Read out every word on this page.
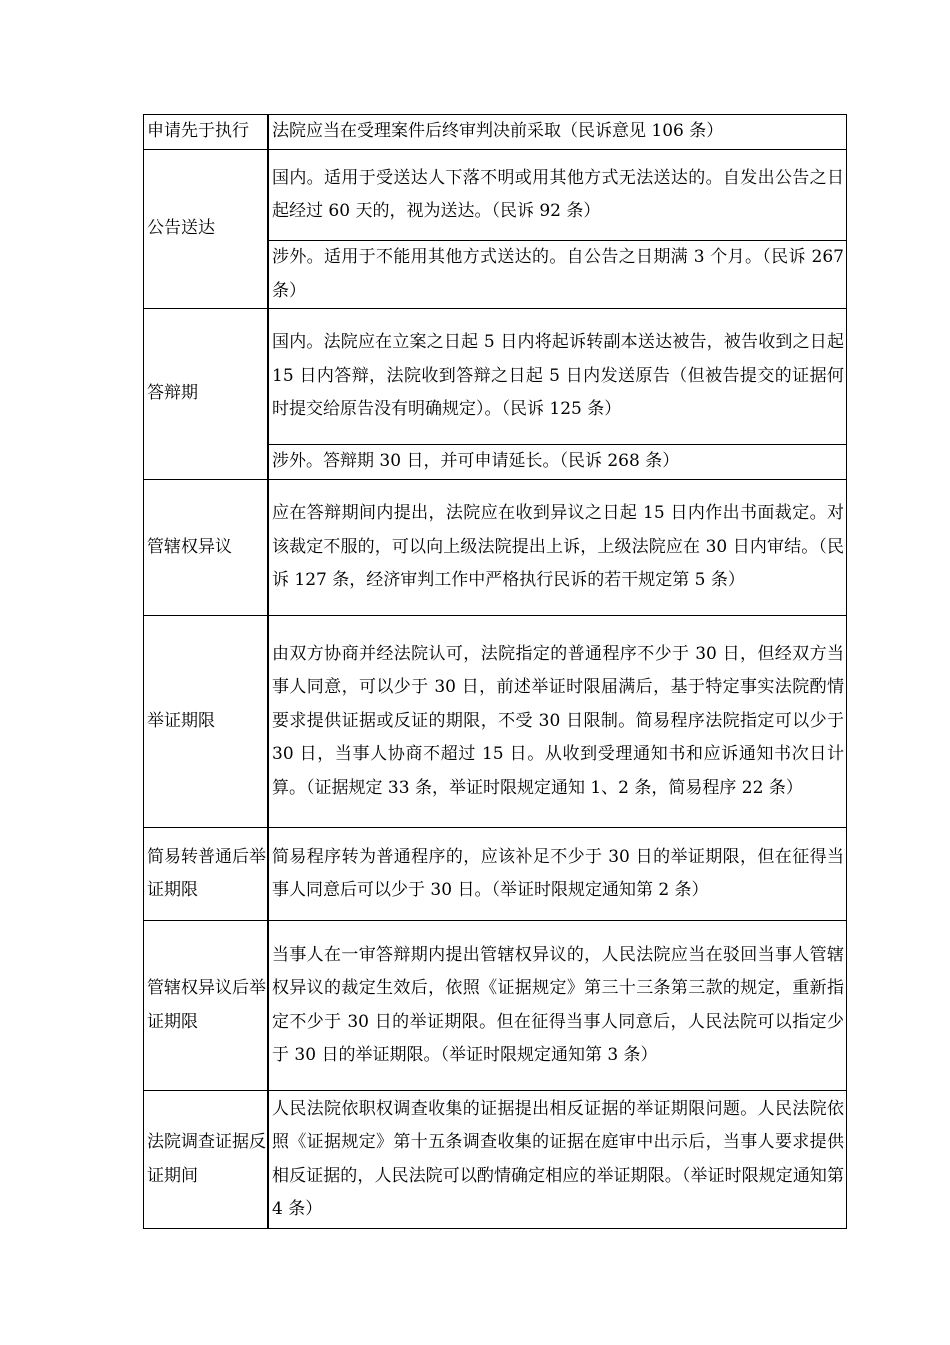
申请先于执行	法院应当在受理案件后终审判决前采取（民诉意见 106 条）
公告送达	国内。适用于受送达人下落不明或用其他方式无法送达的。自发出公告之日起经过 60 天的，视为送达。（民诉 92 条）
	涉外。适用于不能用其他方式送达的。自公告之日期满 3 个月。（民诉 267 条）
答辩期	国内。法院应在立案之日起 5 日内将起诉转副本送达被告，被告收到之日起 15 日内答辩，法院收到答辩之日起 5 日内发送原告（但被告提交的证据何时提交给原告没有明确规定）。（民诉 125 条）
	涉外。答辩期 30 日，并可申请延长。（民诉 268 条）
管辖权异议	应在答辩期间内提出，法院应在收到异议之日起 15 日内作出书面裁定。对该裁定不服的，可以向上级法院提出上诉，上级法院应在 30 日内审结。（民诉 127 条，经济审判工作中严格执行民诉的若干规定第 5 条）
举证期限	由双方协商并经法院认可，法院指定的普通程序不少于 30 日，但经双方当事人同意，可以少于 30 日，前述举证时限届满后，基于特定事实法院酌情要求提供证据或反证的期限，不受 30 日限制。简易程序法院指定可以少于 30 日，当事人协商不超过 15 日。从收到受理通知书和应诉通知书次日计算。（证据规定 33 条，举证时限规定通知 1、2 条，简易程序 22 条）
简易转普通后举证期限	简易程序转为普通程序的，应该补足不少于 30 日的举证期限，但在征得当事人同意后可以少于 30 日。（举证时限规定通知第 2 条）
管辖权异议后举证期限	当事人在一审答辩期内提出管辖权异议的，人民法院应当在驳回当事人管辖权异议的裁定生效后，依照《证据规定》第三十三条第三款的规定，重新指定不少于 30 日的举证期限。但在征得当事人同意后，人民法院可以指定少于 30 日的举证期限。（举证时限规定通知第 3 条）
法院调查证据反证期间	人民法院依职权调查收集的证据提出相反证据的举证期限问题。人民法院依照《证据规定》第十五条调查收集的证据在庭审中出示后，当事人要求提供相反证据的，人民法院可以酌情确定相应的举证期限。（举证时限规定通知第 4 条）
